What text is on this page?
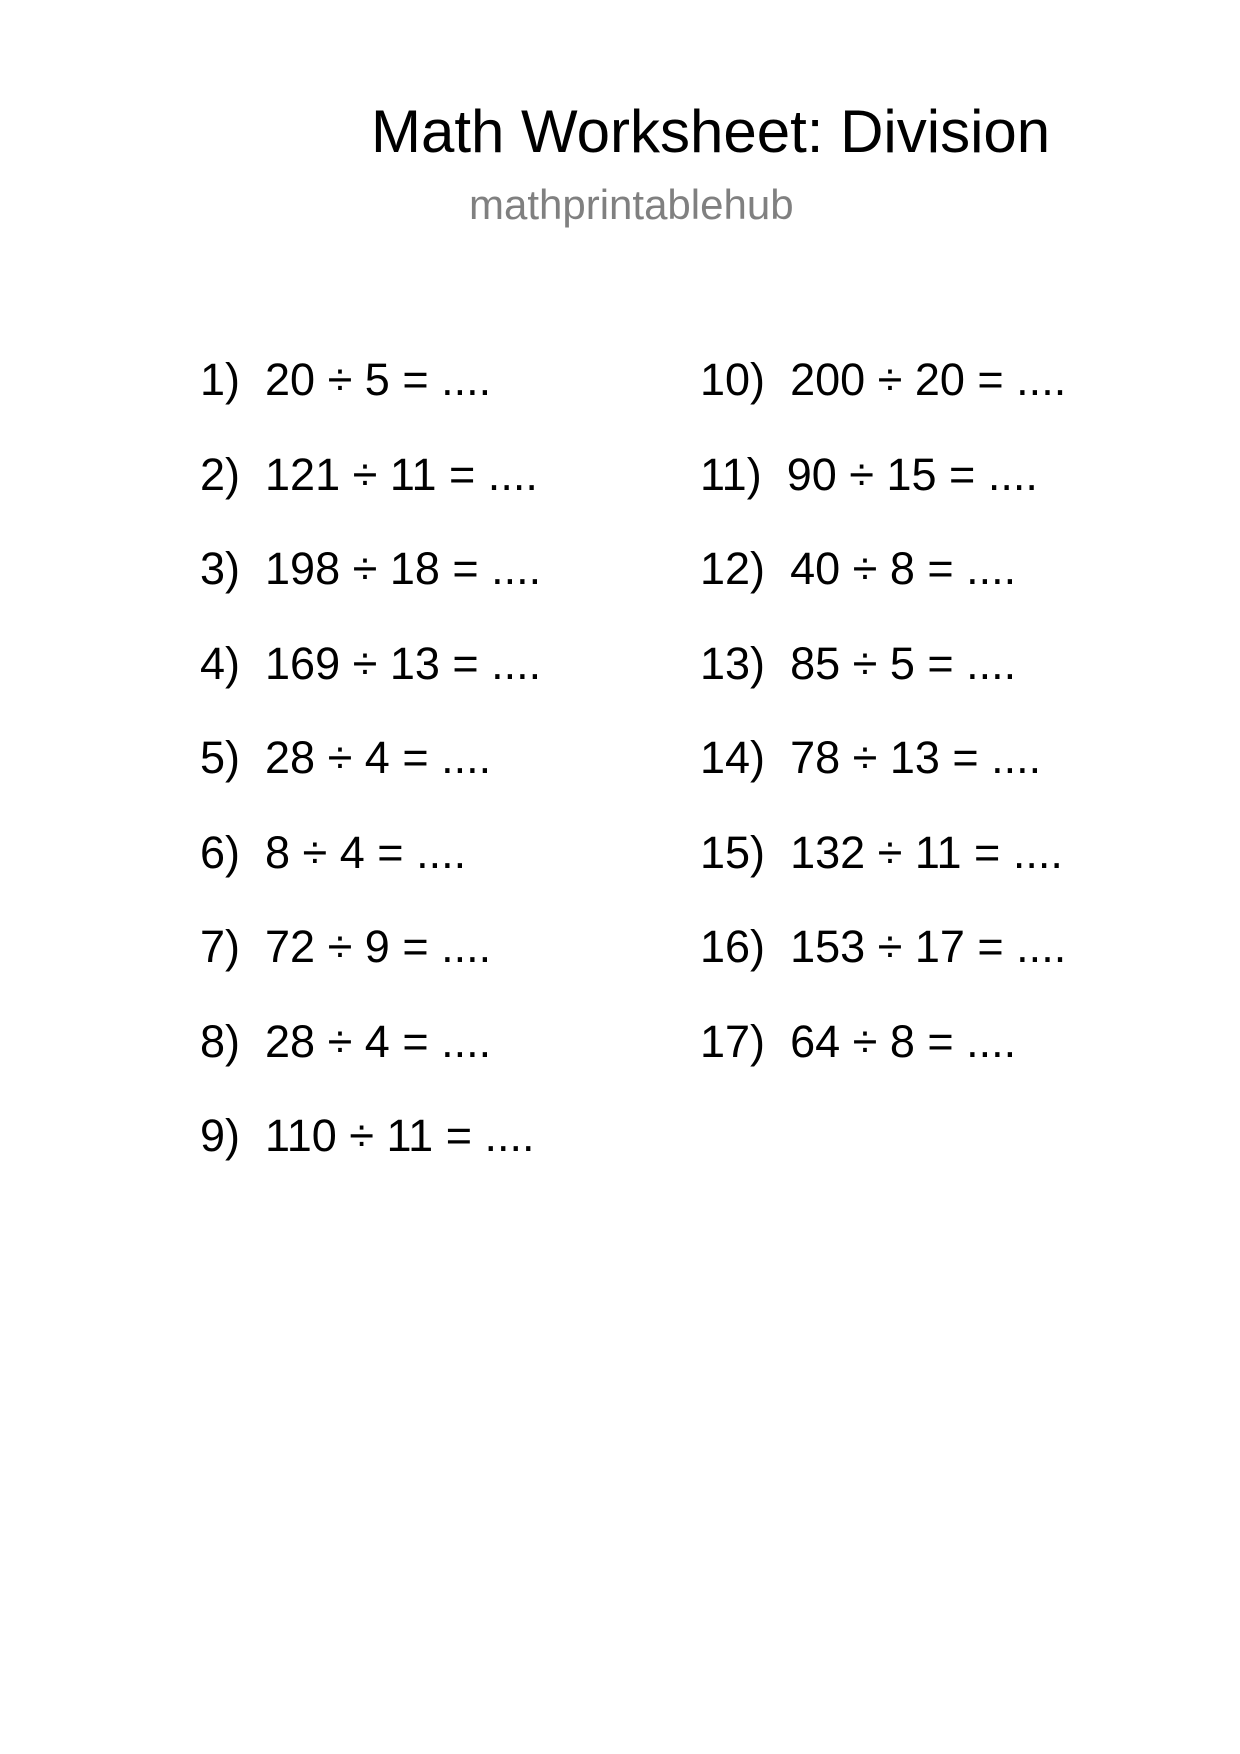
Math Worksheet: Division
mathprintablehub
1) 20 ÷ 5 = ....
2) 121 ÷ 11 = ....
3) 198 ÷ 18 = ....
4) 169 ÷ 13 = ....
5) 28 ÷ 4 = ....
6) 8 ÷ 4 = ....
7) 72 ÷ 9 = ....
8) 28 ÷ 4 = ....
9) 110 ÷ 11 = ....
10) 200 ÷ 20 = ....
11) 90 ÷ 15 = ....
12) 40 ÷ 8 = ....
13) 85 ÷ 5 = ....
14) 78 ÷ 13 = ....
15) 132 ÷ 11 = ....
16) 153 ÷ 17 = ....
17) 64 ÷ 8 = ....
